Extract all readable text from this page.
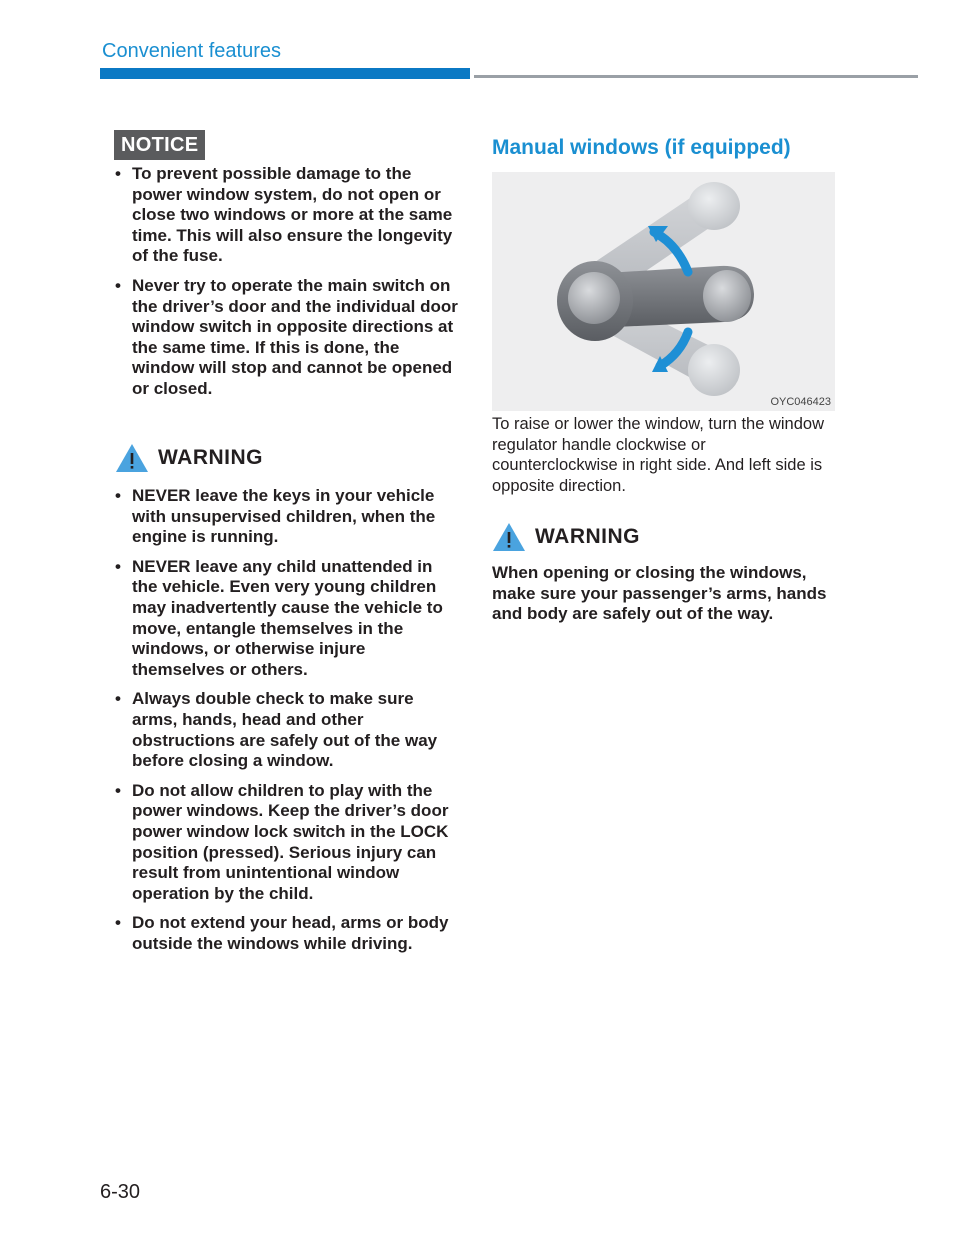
Convenient features
NOTICE
• To prevent possible damage to the power window system, do not open or close two windows or more at the same time. This will also ensure the longevity of the fuse.
• Never try to operate the main switch on the driver’s door and the individual door window switch in opposite directions at the same time. If this is done, the window will stop and cannot be opened or closed.
WARNING
• NEVER leave the keys in your vehicle with unsupervised children, when the engine is running.
• NEVER leave any child unattended in the vehicle. Even very young children may inadvertently cause the vehicle to move, entangle themselves in the windows, or otherwise injure themselves or others.
• Always double check to make sure arms, hands, head and other obstructions are safely out of the way before closing a window.
• Do not allow children to play with the power windows. Keep the driver’s door power window lock switch in the LOCK position (pressed). Serious injury can result from unintentional window operation by the child.
• Do not extend your head, arms or body outside the windows while driving.
Manual windows (if equipped)
OYC046423
To raise or lower the window, turn the window regulator handle clockwise or counterclockwise in right side. And left side is opposite direction.
WARNING
When opening or closing the windows, make sure your passenger’s arms, hands and body are safely out of the way.
6-30
